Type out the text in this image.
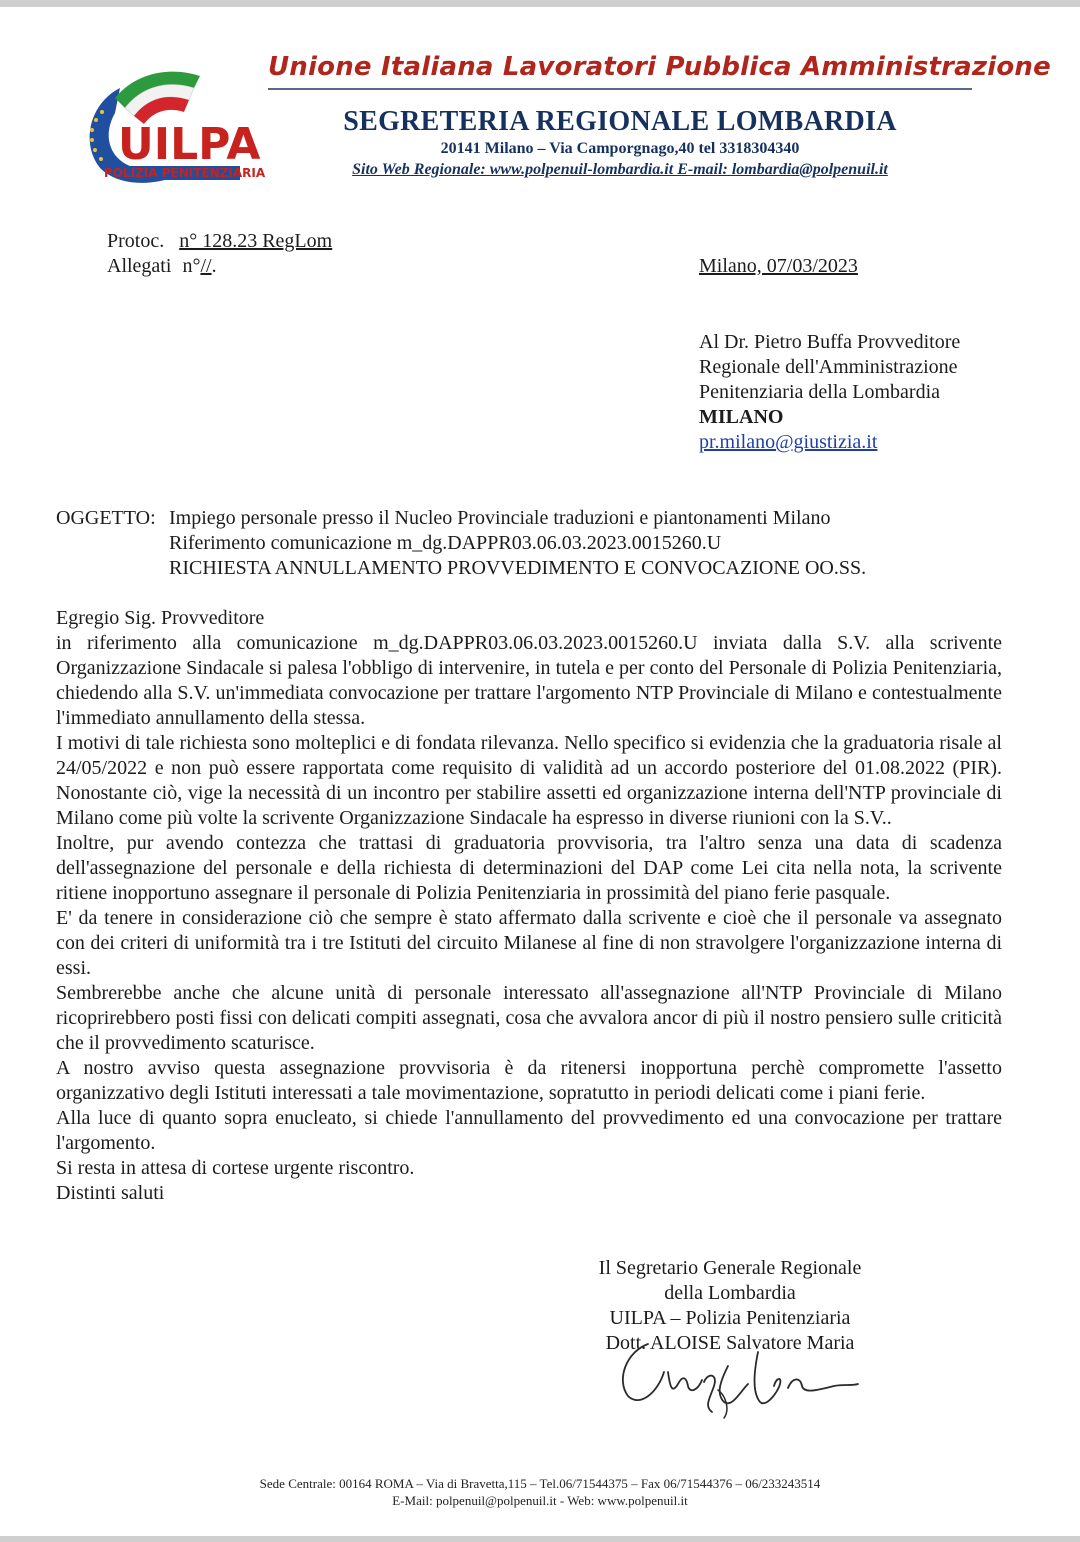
UILPA
POLIZIA PENITENZIARIA
Unione Italiana Lavoratori Pubblica Amministrazione
SEGRETERIA REGIONALE LOMBARDIA
20141 Milano – Via Camporgnago,40 tel 3318304340
Sito Web Regionale: www.polpenuil-lombardia.it E-mail: lombardia@polpenuil.it
Protoc. n° 128.23 RegLom
Allegati n°//.	Milano, 07/03/2023
Al Dr. Pietro Buffa Provveditore
Regionale dell'Amministrazione
Penitenziaria della Lombardia
MILANO
pr.milano@giustizia.it
OGGETTO: Impiego personale presso il Nucleo Provinciale traduzioni e piantonamenti Milano
Riferimento comunicazione m_dg.DAPPR03.06.03.2023.0015260.U
RICHIESTA ANNULLAMENTO PROVVEDIMENTO E CONVOCAZIONE OO.SS.

Egregio Sig. Provveditore

in riferimento alla comunicazione m_dg.DAPPR03.06.03.2023.0015260.U inviata dalla S.V. alla scrivente Organizzazione Sindacale si palesa l'obbligo di intervenire, in tutela e per conto del Personale di Polizia Penitenziaria, chiedendo alla S.V. un'immediata convocazione per trattare l'argomento NTP Provinciale di Milano e contestualmente l'immediato annullamento della stessa.

I motivi di tale richiesta sono molteplici e di fondata rilevanza. Nello specifico si evidenzia che la graduatoria risale al 24/05/2022 e non può essere rapportata come requisito di validità ad un accordo posteriore del 01.08.2022 (PIR). Nonostante ciò, vige la necessità di un incontro per stabilire assetti ed organizzazione interna dell'NTP provinciale di Milano come più volte la scrivente Organizzazione Sindacale ha espresso in diverse riunioni con la S.V..

Inoltre, pur avendo contezza che trattasi di graduatoria provvisoria, tra l'altro senza una data di scadenza dell'assegnazione del personale e della richiesta di determinazioni del DAP come Lei cita nella nota, la scrivente ritiene inopportuno assegnare il personale di Polizia Penitenziaria in prossimità del piano ferie pasquale.

E' da tenere in considerazione ciò che sempre è stato affermato dalla scrivente e cioè che il personale va assegnato con dei criteri di uniformità tra i tre Istituti del circuito Milanese al fine di non stravolgere l'organizzazione interna di essi.

Sembrerebbe anche che alcune unità di personale interessato all'assegnazione all'NTP Provinciale di Milano ricoprirebbero posti fissi con delicati compiti assegnati, cosa che avvalora ancor di più il nostro pensiero sulle criticità che il provvedimento scaturisce.

A nostro avviso questa assegnazione provvisoria è da ritenersi inopportuna perchè compromette l'assetto organizzativo degli Istituti interessati a tale movimentazione, sopratutto in periodi delicati come i piani ferie.

Alla luce di quanto sopra enucleato, si chiede l'annullamento del provvedimento ed una convocazione per trattare l'argomento.

Si resta in attesa di cortese urgente riscontro.

Distinti saluti

Il Segretario Generale Regionale
della Lombardia
UILPA – Polizia Penitenziaria
Dott. ALOISE Salvatore Maria
Sede Centrale: 00164 ROMA – Via di Bravetta,115 – Tel.06/71544375 – Fax 06/71544376 – 06/233243514
E-Mail: polpenuil@polpenuil.it - Web: www.polpenuil.it
